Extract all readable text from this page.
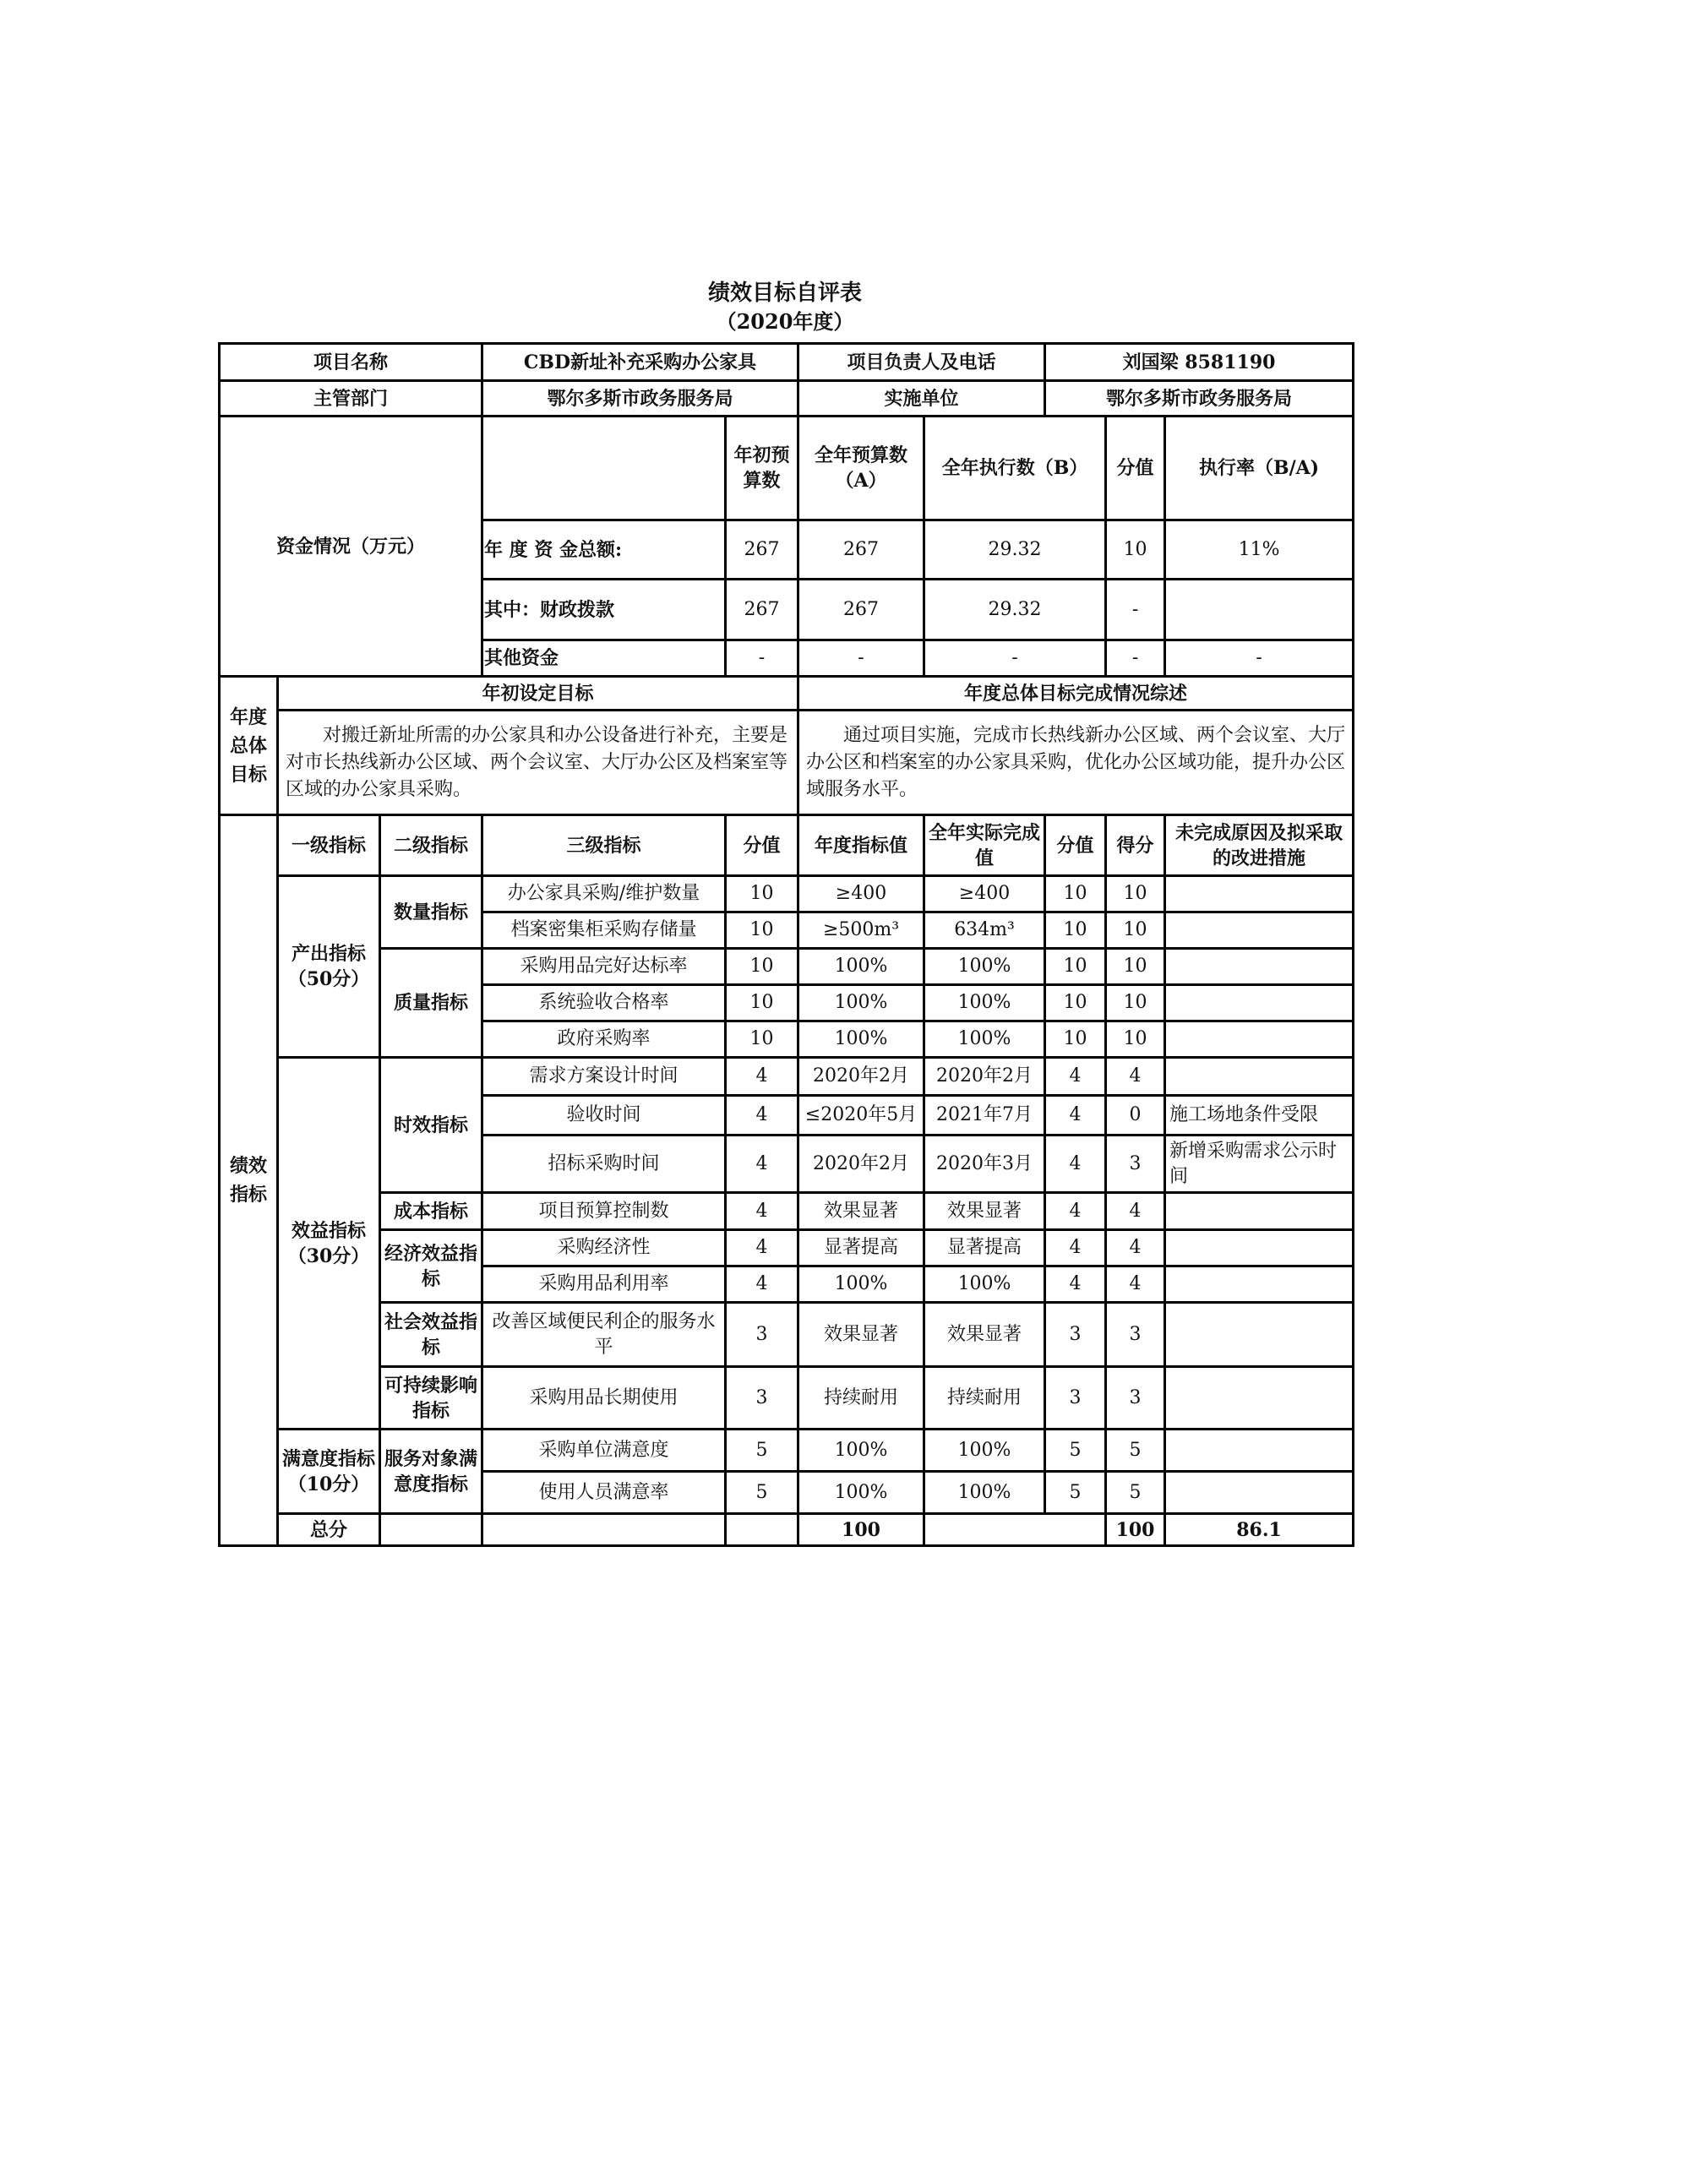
绩效目标自评表
（2020年度）
项目名称			CBD新址补充采购办公家具		项目负责人及电话		刘国梁 8581190			
主管部门			鄂尔多斯市政务服务局		实施单位		鄂尔多斯市政务服务局			
资金情况（万元）				年初预算数	全年预算数（A）	全年执行数（B）		分值	执行率（B/A)	
			年 度 资 金总额:	267	267	29.32		10	11%	
			其中：财政拨款	267	267	29.32		-		
			其他资金	-	-	-		-	-	
年度总体目标	年初设定目标				年度总体目标完成情况综述					
	对搬迁新址所需的办公家具和办公设备进行补充，主要是对市长热线新办公区域、两个会议室、大厅办公区及档案室等区域的办公家具采购。				通过项目实施，完成市长热线新办公区域、两个会议室、大厅办公区和档案室的办公家具采购，优化办公区域功能，提升办公区域服务水平。					
绩效指标	一级指标	二级指标	三级指标	分值	年度指标值	全年实际完成值	分值	得分	未完成原因及拟采取的改进措施	
	产出指标（50分）	数量指标	办公家具采购/维护数量	10	≥400	≥400	10	10		
			档案密集柜采购存储量	10	≥500m³	634m³	10	10		
		质量指标	采购用品完好达标率	10	100%	100%	10	10		
			系统验收合格率	10	100%	100%	10	10		
			政府采购率	10	100%	100%	10	10		
	效益指标（30分）	时效指标	需求方案设计时间	4	2020年2月	2020年2月	4	4		
			验收时间	4	≤2020年5月	2021年7月	4	0	施工场地条件受限	
			招标采购时间	4	2020年2月	2020年3月	4	3	新增采购需求公示时间	
		成本指标	项目预算控制数	4	效果显著	效果显著	4	4		
		经济效益指标	采购经济性	4	显著提高	显著提高	4	4		
			采购用品利用率	4	100%	100%	4	4		
		社会效益指标	改善区域便民利企的服务水平	3	效果显著	效果显著	3	3		
		可持续影响指标	采购用品长期使用	3	持续耐用	持续耐用	3	3		
	满意度指标（10分）	服务对象满意度指标	采购单位满意度	5	100%	100%	5	5		
			使用人员满意率	5	100%	100%	5	5		
	总分				100			100	86.1	
